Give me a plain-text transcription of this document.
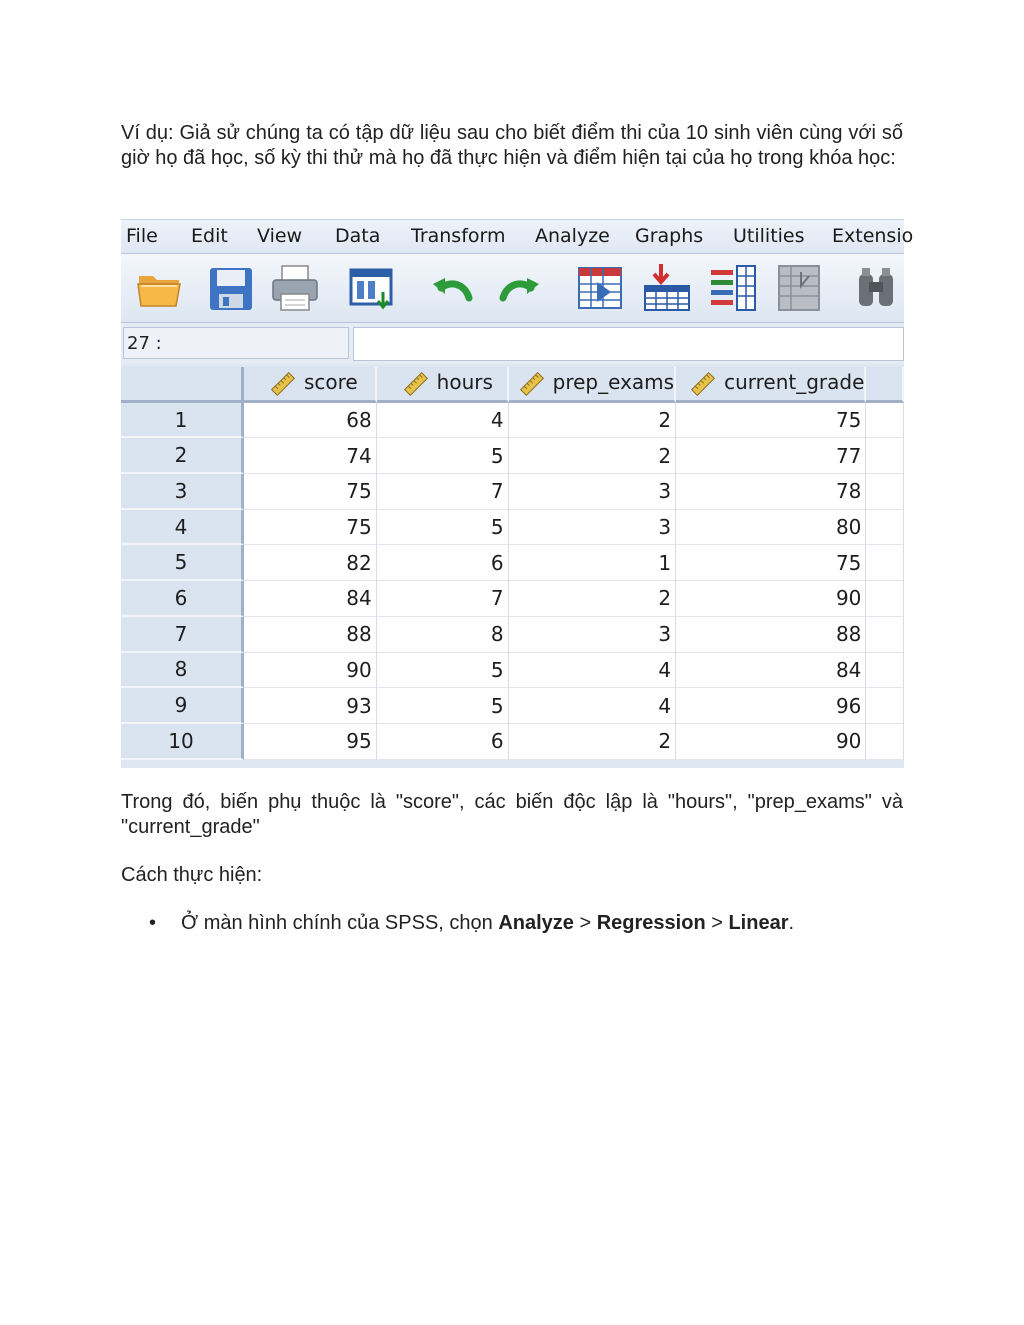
Ví dụ: Giả sử chúng ta có tập dữ liệu sau cho biết điểm thi của 10 sinh viên cùng với số giờ họ đã học, số kỳ thi thử mà họ đã thực hiện và điểm hiện tại của họ trong khóa học:

File Edit View Data Transform Analyze Graphs Utilities Extensio
27 :
	score	hours	prep_exams	current_grade	
1	68	4	2	75	
2	74	5	2	77	
3	75	7	3	78	
4	75	5	3	80	
5	82	6	1	75	
6	84	7	2	90	
7	88	8	3	88	
8	90	5	4	84	
9	93	5	4	96	
10	95	6	2	90	

Trong đó, biến phụ thuộc là "score", các biến độc lập là "hours", "prep_exams" và "current_grade"

Cách thực hiện:

• Ở màn hình chính của SPSS, chọn Analyze > Regression > Linear.
